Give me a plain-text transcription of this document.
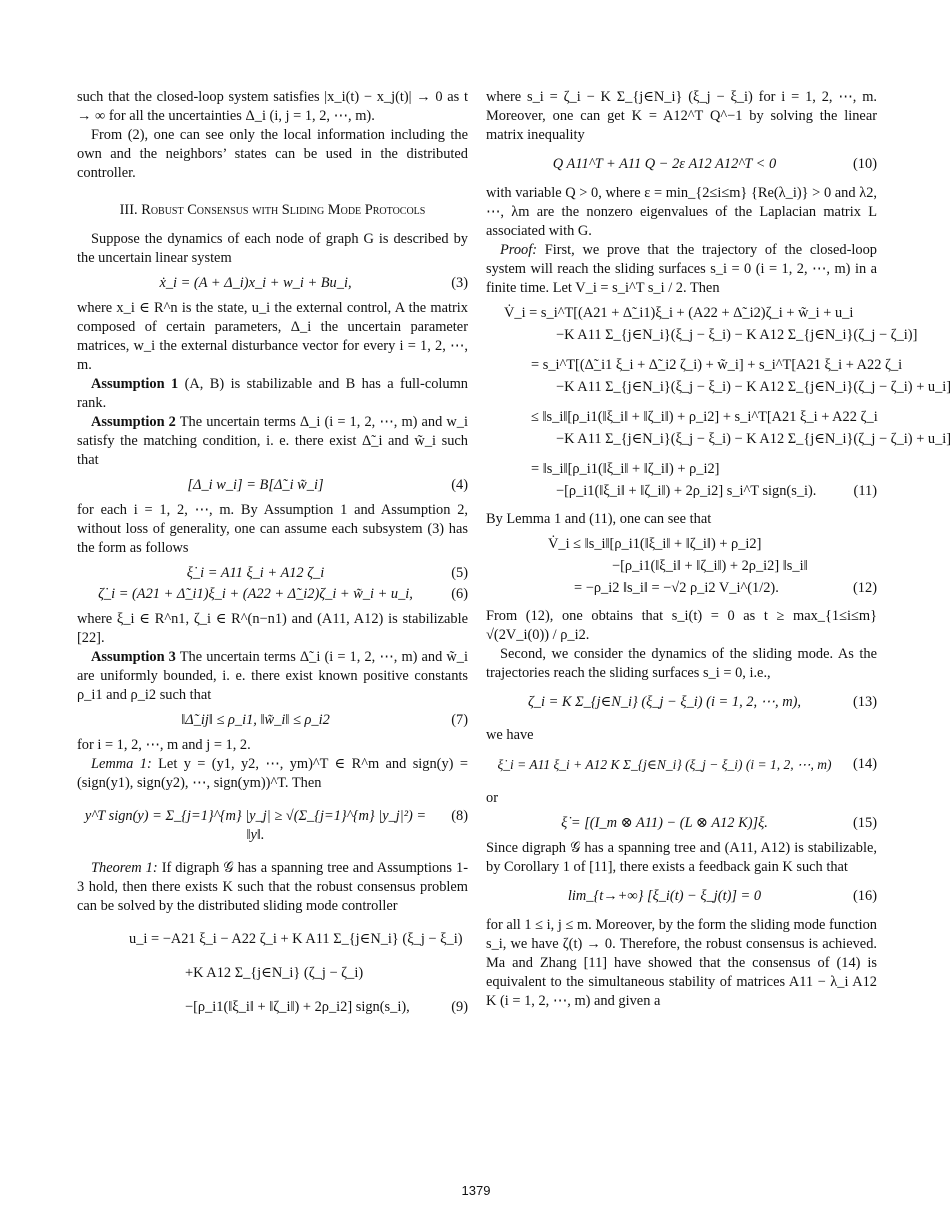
such that the closed-loop system satisfies |x_i(t) − x_j(t)| → 0 as t → ∞ for all the uncertainties Δ_i (i, j = 1, 2, ⋯, m).

From (2), one can see only the local information including the own and the neighbors’ states can be used in the distributed controller.

III. Robust Consensus with Sliding Mode Protocols

Suppose the dynamics of each node of graph G is described by the uncertain linear system

ẋ_i = (A + Δ_i)x_i + w_i + Bu_i,	(3)

where x_i ∈ R^n is the state, u_i the external control, A the matrix composed of certain parameters, Δ_i the uncertain parameter matrices, w_i the external disturbance vector for every i = 1, 2, ⋯, m.

Assumption 1 (A, B) is stabilizable and B has a full-column rank.

Assumption 2 The uncertain terms Δ_i (i = 1, 2, ⋯, m) and w_i satisfy the matching condition, i. e. there exist Δ̃_i and w̃_i such that

[Δ_i w_i] = B[Δ̃_i w̃_i]	(4)

for each i = 1, 2, ⋯, m. By Assumption 1 and Assumption 2, without loss of generality, one can assume each subsystem (3) has the form as follows

ξ̇_i = A11 ξ_i + A12 ζ_i	(5)
ζ̇_i = (A21 + Δ̃_i1)ξ_i + (A22 + Δ̃_i2)ζ_i + w̃_i + u_i,	(6)

where ξ_i ∈ R^n1, ζ_i ∈ R^(n−n1) and (A11, A12) is stabilizable [22].

Assumption 3 The uncertain terms Δ̃_i (i = 1, 2, ⋯, m) and w̃_i are uniformly bounded, i. e. there exist known positive constants ρ_i1 and ρ_i2 such that

‖Δ̃_ij‖ ≤ ρ_i1, ‖w̃_i‖ ≤ ρ_i2	(7)

for i = 1, 2, ⋯, m and j = 1, 2.

Lemma 1: Let y = (y1, y2, ⋯, ym)^T ∈ R^m and sign(y) = (sign(y1), sign(y2), ⋯, sign(ym))^T. Then

y^T sign(y) = Σ_{j=1}^{m} |y_j| ≥ √(Σ_{j=1}^{m} |y_j|²) = ‖y‖.
(8)

Theorem 1: If digraph 𝒢 has a spanning tree and Assumptions 1-3 hold, then there exists K such that the robust consensus problem can be solved by the distributed sliding mode controller

u_i = −A21 ξ_i − A22 ζ_i + K A11 Σ_{j∈N_i} (ξ_j − ξ_i)
+K A12 Σ_{j∈N_i} (ζ_j − ζ_i)
−[ρ_i1(‖ξ_i‖ + ‖ζ_i‖) + 2ρ_i2] sign(s_i),	(9)

where s_i = ζ_i − K Σ_{j∈N_i} (ξ_j − ξ_i) for i = 1, 2, ⋯, m. Moreover, one can get K = A12^T Q^−1 by solving the linear matrix inequality

Q A11^T + A11 Q − 2ε A12 A12^T < 0	(10)

with variable Q > 0, where ε = min_{2≤i≤m} {Re(λ_i)} > 0 and λ2, ⋯, λm are the nonzero eigenvalues of the Laplacian matrix L associated with G.

Proof: First, we prove that the trajectory of the closed-loop system will reach the sliding surfaces s_i = 0 (i = 1, 2, ⋯, m) in a finite time. Let V_i = s_i^T s_i / 2. Then

V̇_i = s_i^T[(A21 + Δ̃_i1)ξ_i + (A22 + Δ̃_i2)ζ_i + w̃_i + u_i
−K A11 Σ_{j∈N_i}(ξ_j − ξ_i) − K A12 Σ_{j∈N_i}(ζ_j − ζ_i)]
= s_i^T[(Δ̃_i1 ξ_i + Δ̃_i2 ζ_i) + w̃_i] + s_i^T[A21 ξ_i + A22 ζ_i
−K A11 Σ_{j∈N_i}(ξ_j − ξ_i) − K A12 Σ_{j∈N_i}(ζ_j − ζ_i) + u_i]
≤ ‖s_i‖[ρ_i1(‖ξ_i‖ + ‖ζ_i‖) + ρ_i2] + s_i^T[A21 ξ_i + A22 ζ_i
−K A11 Σ_{j∈N_i}(ξ_j − ξ_i) − K A12 Σ_{j∈N_i}(ζ_j − ζ_i) + u_i]
= ‖s_i‖[ρ_i1(‖ξ_i‖ + ‖ζ_i‖) + ρ_i2]
−[ρ_i1(‖ξ_i‖ + ‖ζ_i‖) + 2ρ_i2] s_i^T sign(s_i).	(11)

By Lemma 1 and (11), one can see that

V̇_i ≤ ‖s_i‖[ρ_i1(‖ξ_i‖ + ‖ζ_i‖) + ρ_i2]
−[ρ_i1(‖ξ_i‖ + ‖ζ_i‖) + 2ρ_i2] ‖s_i‖
= −ρ_i2 ‖s_i‖ = −√2 ρ_i2 V_i^(1/2).	(12)

From (12), one obtains that s_i(t) = 0 as t ≥ max_{1≤i≤m} √(2V_i(0)) / ρ_i2.

Second, we consider the dynamics of the sliding mode. As the trajectories reach the sliding surfaces s_i = 0, i.e.,

ζ_i = K Σ_{j∈N_i} (ξ_j − ξ_i) (i = 1, 2, ⋯, m),	(13)

we have

ξ̇_i = A11 ξ_i + A12 K Σ_{j∈N_i} (ξ_j − ξ_i) (i = 1, 2, ⋯, m) (14)

or

ξ̇ = [(I_m ⊗ A11) − (L ⊗ A12 K)]ξ.	(15)

Since digraph 𝒢 has a spanning tree and (A11, A12) is stabilizable, by Corollary 1 of [11], there exists a feedback gain K such that

lim_{t→+∞} [ξ_i(t) − ξ_j(t)] = 0	(16)

for all 1 ≤ i, j ≤ m. Moreover, by the form the sliding mode function s_i, we have ζ(t) → 0. Therefore, the robust consensus is achieved. Ma and Zhang [11] have showed that the consensus of (14) is equivalent to the simultaneous stability of matrices A11 − λ_i A12 K (i = 1, 2, ⋯, m) and given a

1379
